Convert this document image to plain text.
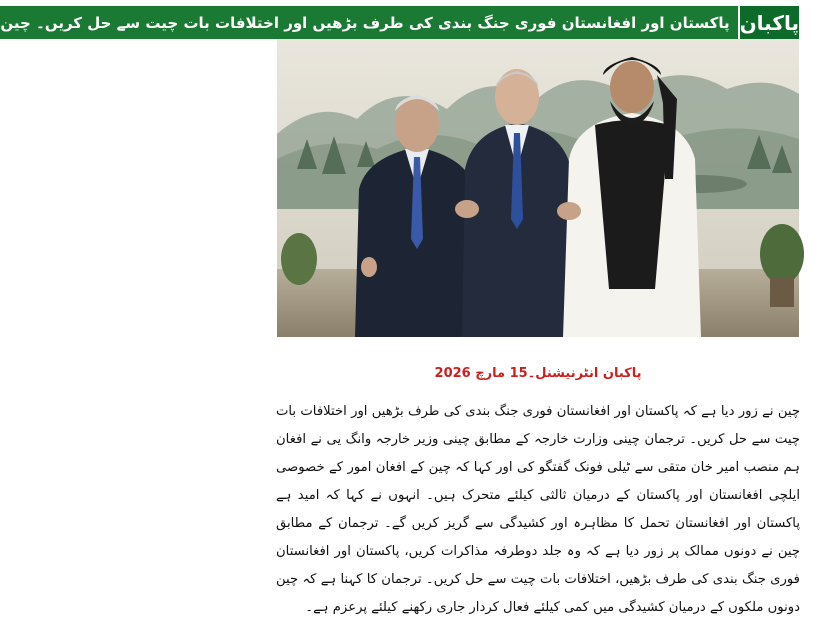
پاکبان
پاکستان اور افغانستان فوری جنگ بندی کی طرف بڑھیں اور اختلافات بات چیت سے حل کریں۔ چین
پاکبان انٹرنیشنل۔15 مارچ 2026

چین نے زور دیا ہے کہ پاکستان اور افغانستان فوری جنگ بندی کی طرف بڑھیں اور اختلافات بات چیت سے حل کریں۔ ترجمان چینی وزارت خارجہ کے مطابق چینی وزیر خارجہ وانگ یی نے افغان ہم منصب امیر خان متقی سے ٹیلی فونک گفتگو کی اور کہا کہ چین کے افغان امور کے خصوصی ایلچی افغانستان اور پاکستان کے درمیان ثالثی کیلئے متحرک ہیں۔ انہوں نے کہا کہ امید ہے پاکستان اور افغانستان تحمل کا مظاہرہ اور کشیدگی سے گریز کریں گے۔ ترجمان کے مطابق چین نے دونوں ممالک پر زور دیا ہے کہ وہ جلد دوطرفہ مذاکرات کریں، پاکستان اور افغانستان فوری جنگ بندی کی طرف بڑھیں، اختلافات بات چیت سے حل کریں۔ ترجمان کا کہنا ہے کہ چین دونوں ملکوں کے درمیان کشیدگی میں کمی کیلئے فعال کردار جاری رکھنے کیلئے پرعزم ہے۔
